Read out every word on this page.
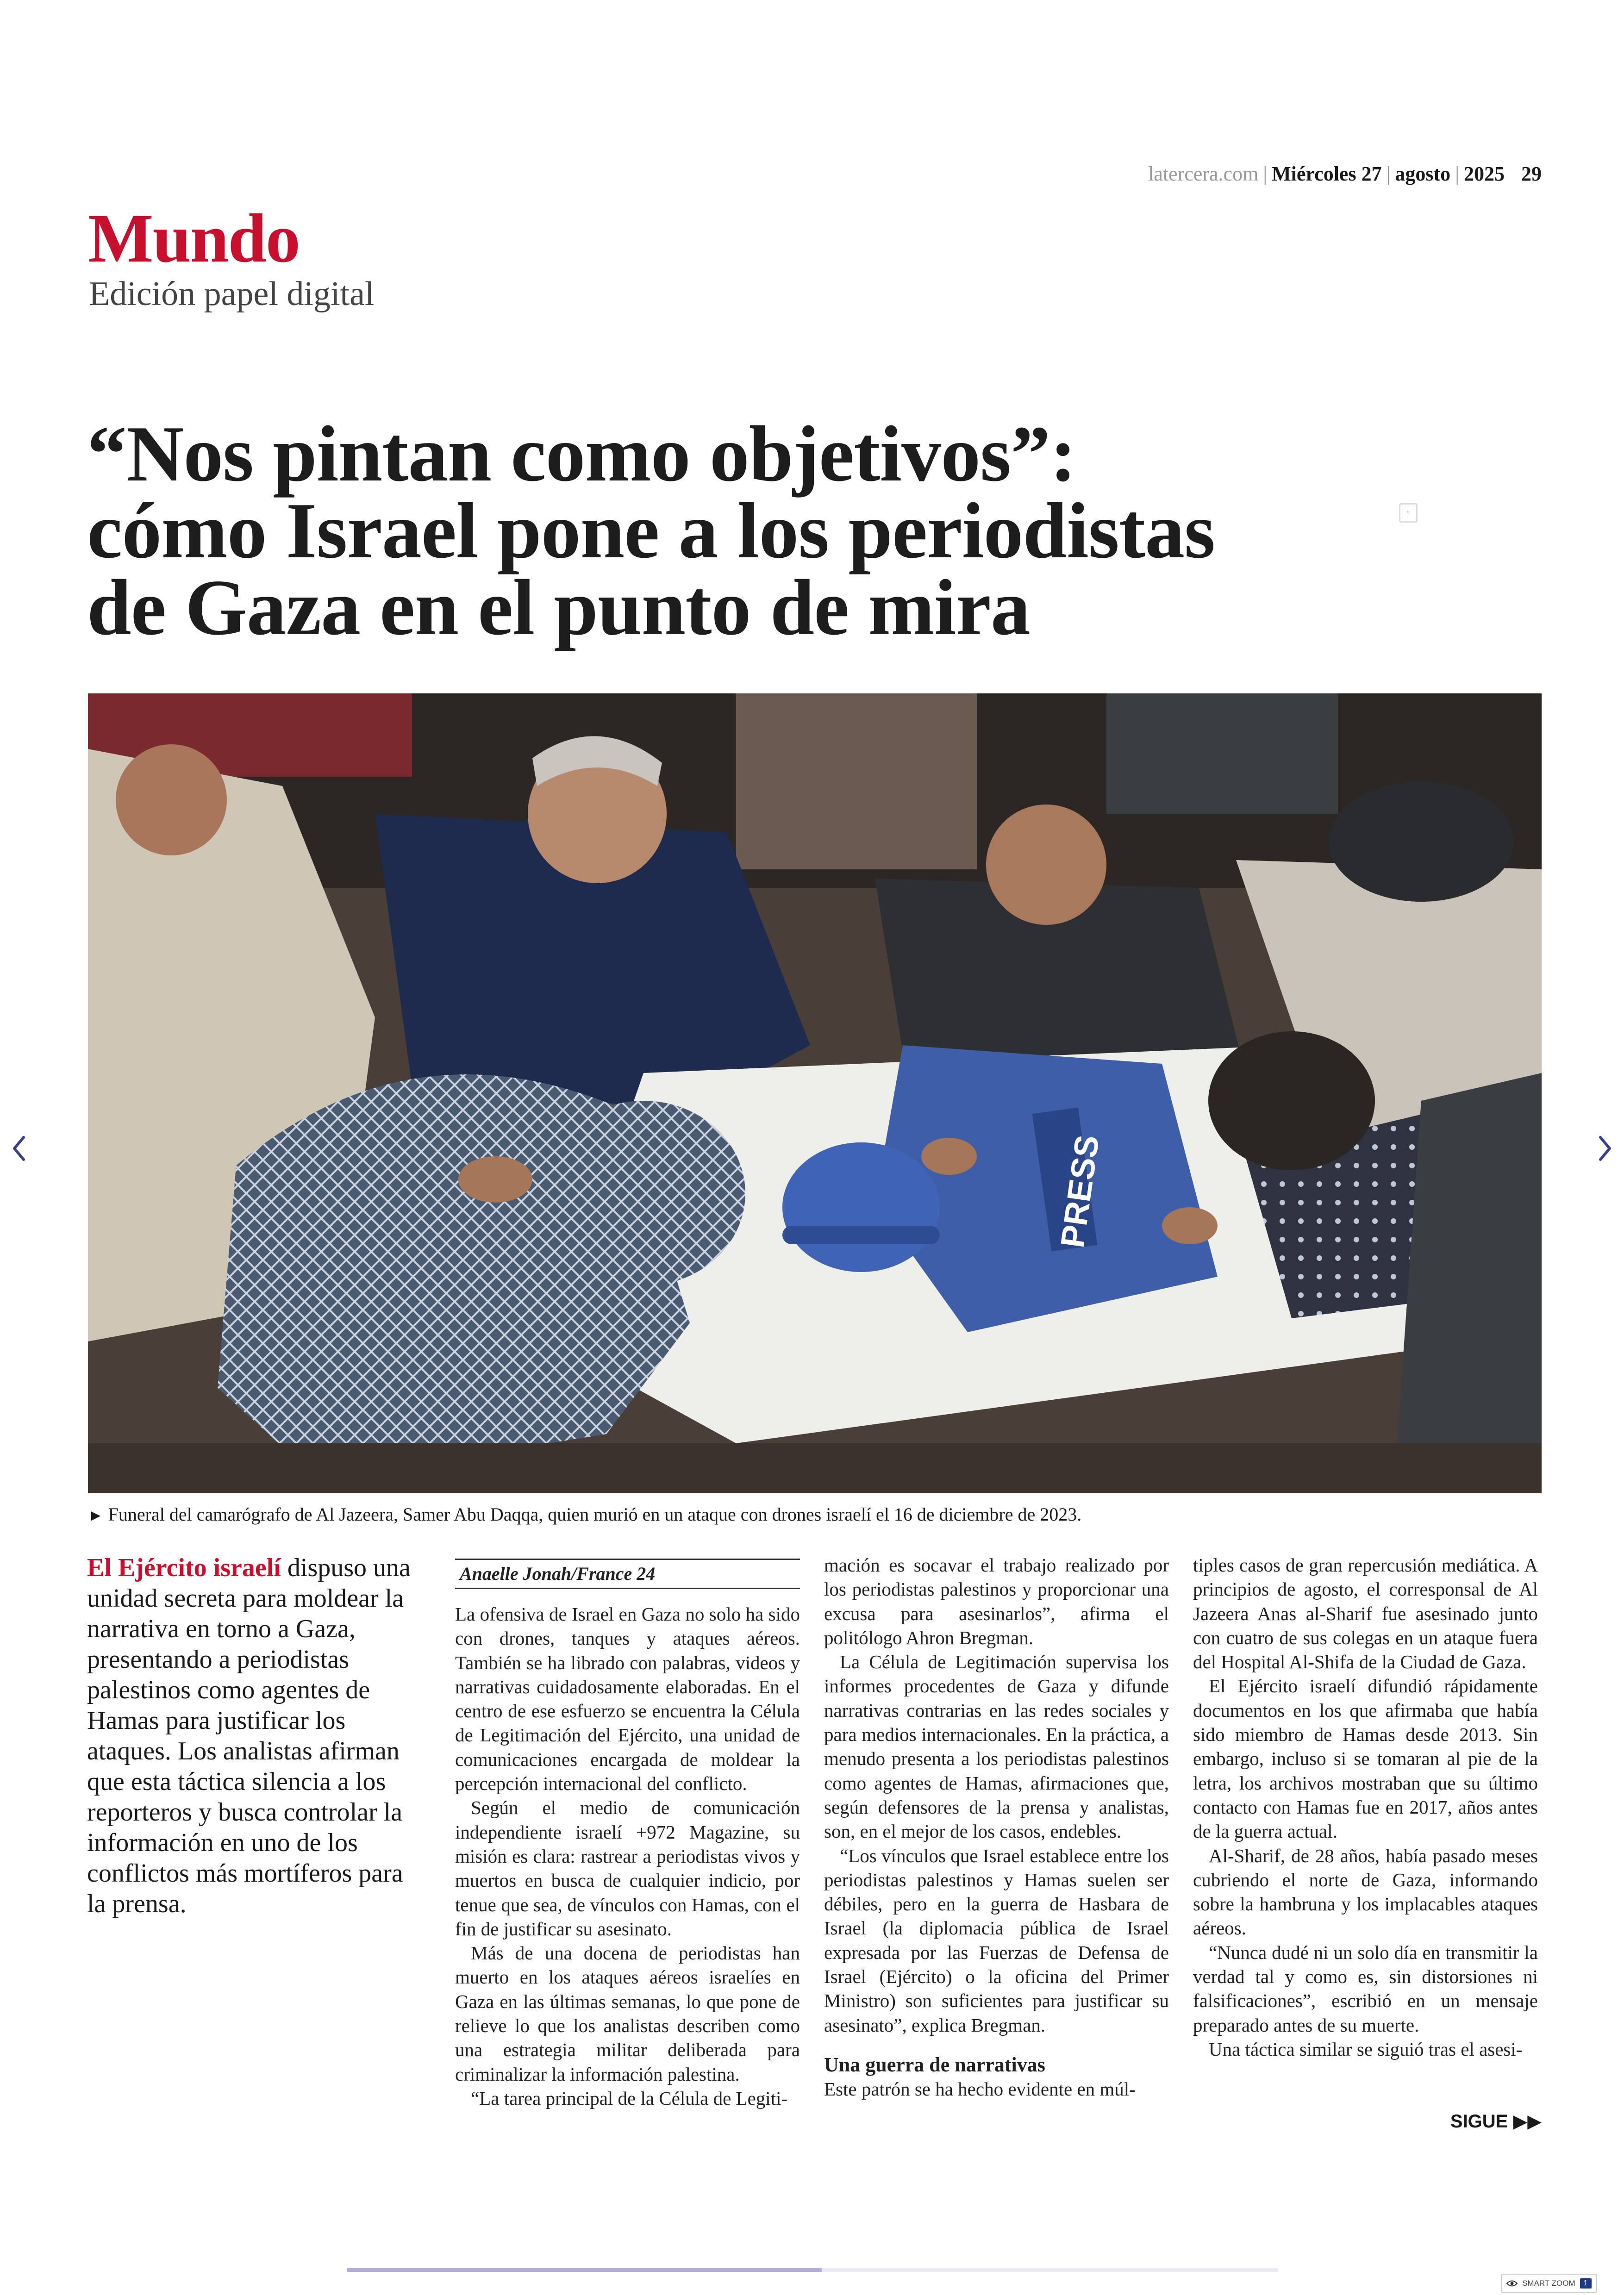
latercera.com | Miércoles 27 | agosto | 2025 29
Mundo
Edición papel digital
“Nos pintan como objetivos”:
cómo Israel pone a los periodistas
de Gaza en el punto de mira
▫
PRESS
► Funeral del camarógrafo de Al Jazeera, Samer Abu Daqqa, quien murió en un ataque con drones israelí el 16 de diciembre de 2023.
El Ejército israelí dispuso una unidad secreta para moldear la narrativa en torno a Gaza, presentando a periodistas palestinos como agentes de Hamas para justificar los ataques. Los analistas afirman que esta táctica silencia a los reporteros y busca controlar la información en uno de los conflictos más mortíferos para la prensa.
Anaelle Jonah/France 24

La ofensiva de Israel en Gaza no solo ha sido con drones, tanques y ataques aéreos. También se ha librado con palabras, videos y narrativas cuidadosamente elaboradas. En el centro de ese esfuerzo se encuentra la Célula de Legitimación del Ejército, una unidad de comunicaciones encargada de moldear la percepción internacional del conflicto.

Según el medio de comunicación independiente israelí +972 Magazine, su misión es clara: rastrear a periodistas vivos y muertos en busca de cualquier indicio, por tenue que sea, de vínculos con Hamas, con el fin de justificar su asesinato.

Más de una docena de periodistas han muerto en los ataques aéreos israelíes en Gaza en las últimas semanas, lo que pone de relieve lo que los analistas describen como una estrategia militar deliberada para criminalizar la información palestina.

“La tarea principal de la Célula de Legiti-

mación es socavar el trabajo realizado por los periodistas palestinos y proporcionar una excusa para asesinarlos”, afirma el politólogo Ahron Bregman.

La Célula de Legitimación supervisa los informes procedentes de Gaza y difunde narrativas contrarias en las redes sociales y para medios internacionales. En la práctica, a menudo presenta a los periodistas palestinos como agentes de Hamas, afirmaciones que, según defensores de la prensa y analistas, son, en el mejor de los casos, endebles.

“Los vínculos que Israel establece entre los periodistas palestinos y Hamas suelen ser débiles, pero en la guerra de Hasbara de Israel (la diplomacia pública de Israel expresada por las Fuerzas de Defensa de Israel (Ejército) o la oficina del Primer Ministro) son suficientes para justificar su asesinato”, explica Bregman.

Una guerra de narrativas

Este patrón se ha hecho evidente en múl-

tiples casos de gran repercusión mediática. A principios de agosto, el corresponsal de Al Jazeera Anas al-Sharif fue asesinado junto con cuatro de sus colegas en un ataque fuera del Hospital Al-Shifa de la Ciudad de Gaza.

El Ejército israelí difundió rápidamente documentos en los que afirmaba que había sido miembro de Hamas desde 2013. Sin embargo, incluso si se tomaran al pie de la letra, los archivos mostraban que su último contacto con Hamas fue en 2017, años antes de la guerra actual.

Al-Sharif, de 28 años, había pasado meses cubriendo el norte de Gaza, informando sobre la hambruna y los implacables ataques aéreos.

“Nunca dudé ni un solo día en transmitir la verdad tal y como es, sin distorsiones ni falsificaciones”, escribió en un mensaje preparado antes de su muerte.

Una táctica similar se siguió tras el asesi-

SIGUE ▶▶
SMART ZOOM	1
